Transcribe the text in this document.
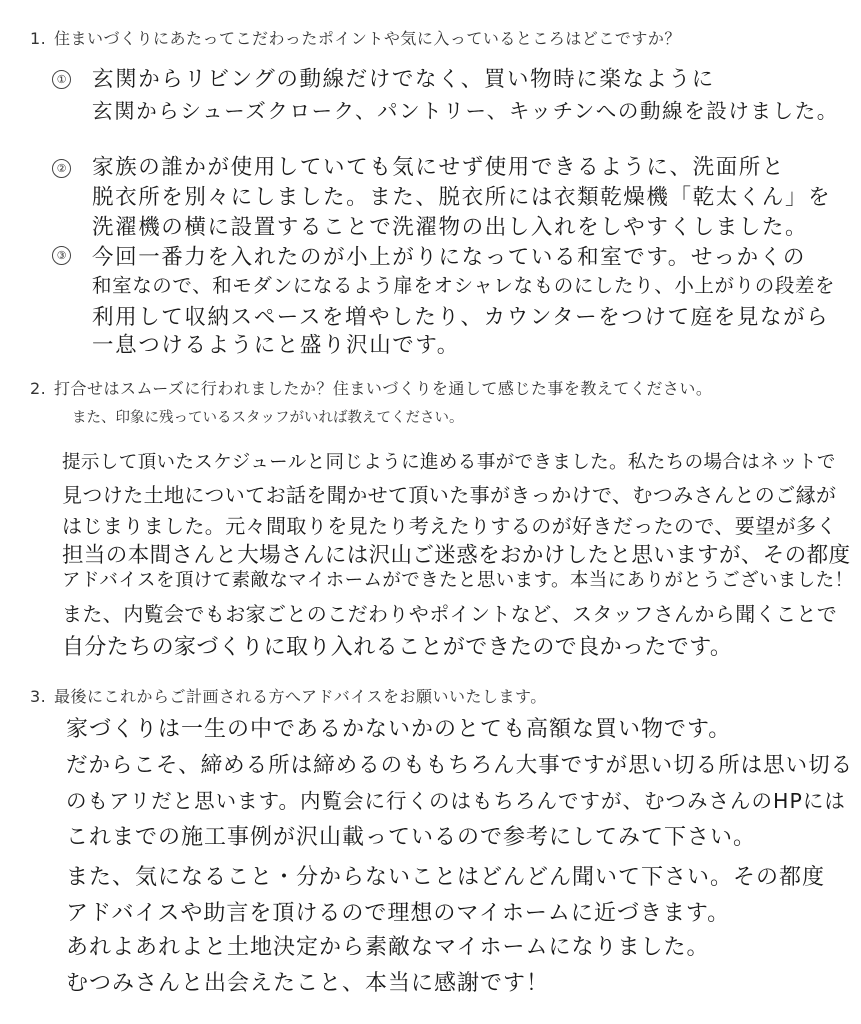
1. 住まいづくりにあたってこだわったポイントや気に入っているところはどこですか？
① 玄関からリビングの動線だけでなく、買い物時に楽なように
玄関からシューズクローク、パントリー、キッチンへの動線を設けました。
② 家族の誰かが使用していても気にせず使用できるように、洗面所と
脱衣所を別々にしました。また、脱衣所には衣類乾燥機「乾太くん」を
洗濯機の横に設置することで洗濯物の出し入れをしやすくしました。
③ 今回一番力を入れたのが小上がりになっている和室です。せっかくの
和室なので、和モダンになるよう扉をオシャレなものにしたり、小上がりの段差を
利用して収納スペースを増やしたり、カウンターをつけて庭を見ながら
一息つけるようにと盛り沢山です。
2. 打合せはスムーズに行われましたか？住まいづくりを通して感じた事を教えてください。
また、印象に残っているスタッフがいれば教えてください。
提示して頂いたスケジュールと同じように進める事ができました。私たちの場合はネットで
見つけた土地についてお話を聞かせて頂いた事がきっかけで、むつみさんとのご縁が
はじまりました。元々間取りを見たり考えたりするのが好きだったので、要望が多く
担当の本間さんと大場さんには沢山ご迷惑をおかけしたと思いますが、その都度
アドバイスを頂けて素敵なマイホームができたと思います。本当にありがとうございました！
また、内覧会でもお家ごとのこだわりやポイントなど、スタッフさんから聞くことで
自分たちの家づくりに取り入れることができたので良かったです。
3. 最後にこれからご計画される方へアドバイスをお願いいたします。
家づくりは一生の中であるかないかのとても高額な買い物です。
だからこそ、締める所は締めるのももちろん大事ですが思い切る所は思い切る
のもアリだと思います。内覧会に行くのはもちろんですが、むつみさんのHPには
これまでの施工事例が沢山載っているので参考にしてみて下さい。
また、気になること・分からないことはどんどん聞いて下さい。その都度
アドバイスや助言を頂けるので理想のマイホームに近づきます。
あれよあれよと土地決定から素敵なマイホームになりました。
むつみさんと出会えたこと、本当に感謝です！
